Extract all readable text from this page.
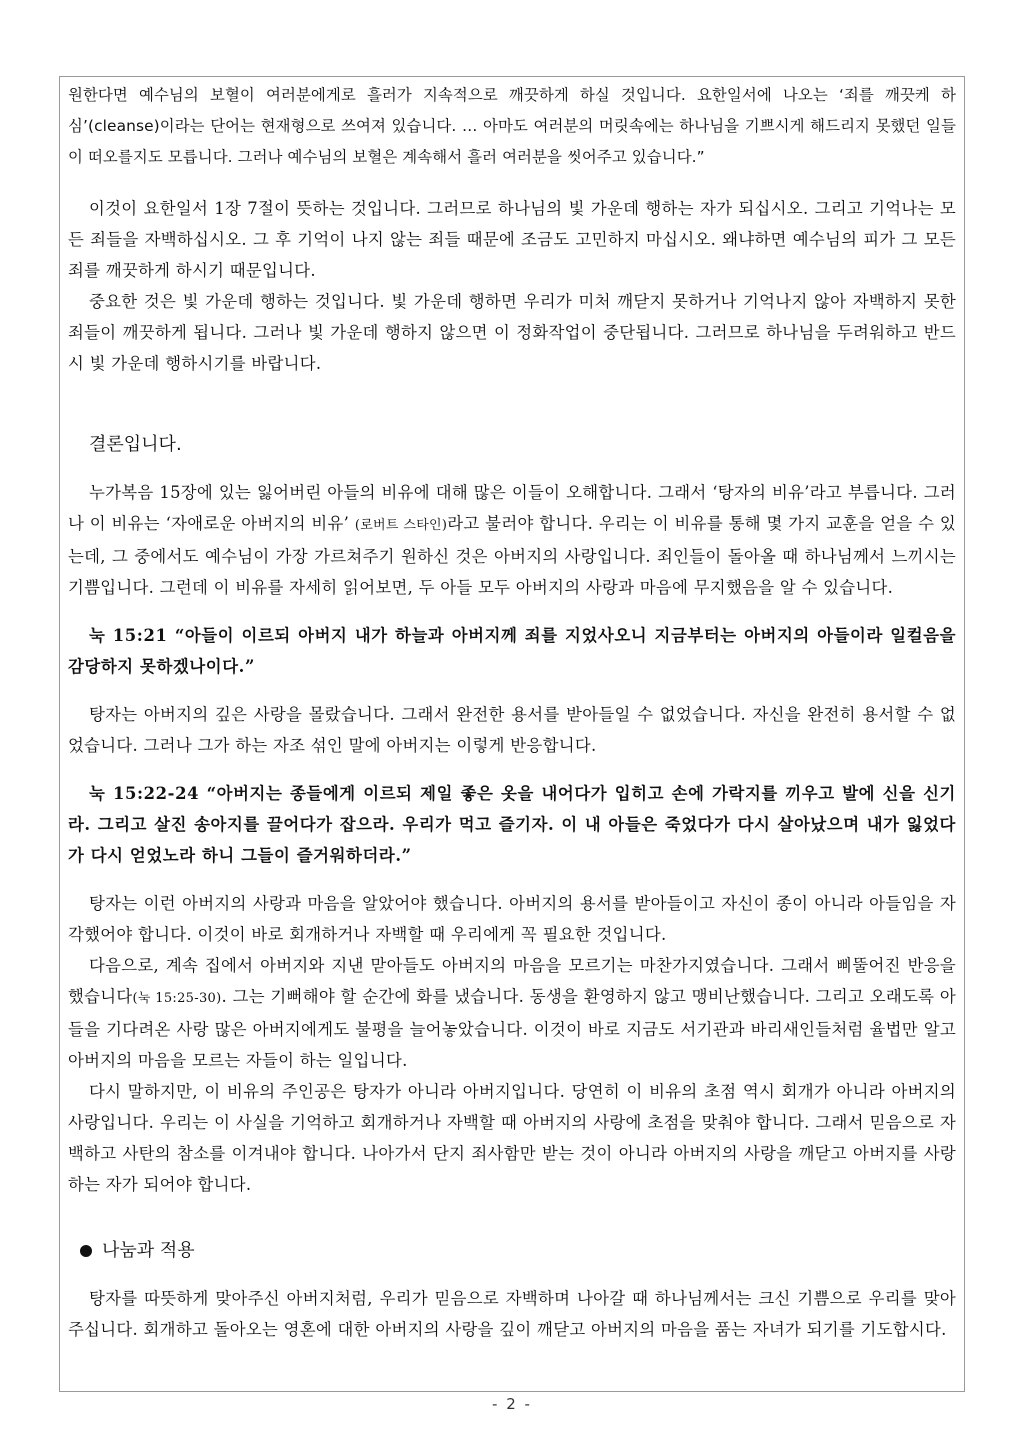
원한다면 예수님의 보혈이 여러분에게로 흘러가 지속적으로 깨끗하게 하실 것입니다. 요한일서에 나오는 ‘죄를 깨끗케 하심’(cleanse)이라는 단어는 현재형으로 쓰여져 있습니다. … 아마도 여러분의 머릿속에는 하나님을 기쁘시게 해드리지 못했던 일들이 떠오를지도 모릅니다. 그러나 예수님의 보혈은 계속해서 흘러 여러분을 씻어주고 있습니다.”

이것이 요한일서 1장 7절이 뜻하는 것입니다. 그러므로 하나님의 빛 가운데 행하는 자가 되십시오. 그리고 기억나는 모든 죄들을 자백하십시오. 그 후 기억이 나지 않는 죄들 때문에 조금도 고민하지 마십시오. 왜냐하면 예수님의 피가 그 모든 죄를 깨끗하게 하시기 때문입니다.

중요한 것은 빛 가운데 행하는 것입니다. 빛 가운데 행하면 우리가 미처 깨닫지 못하거나 기억나지 않아 자백하지 못한 죄들이 깨끗하게 됩니다. 그러나 빛 가운데 행하지 않으면 이 정화작업이 중단됩니다. 그러므로 하나님을 두려워하고 반드시 빛 가운데 행하시기를 바랍니다.

결론입니다.

누가복음 15장에 있는 잃어버린 아들의 비유에 대해 많은 이들이 오해합니다. 그래서 ‘탕자의 비유’라고 부릅니다. 그러나 이 비유는 ‘자애로운 아버지의 비유’ (로버트 스타인)라고 불러야 합니다. 우리는 이 비유를 통해 몇 가지 교훈을 얻을 수 있는데, 그 중에서도 예수님이 가장 가르쳐주기 원하신 것은 아버지의 사랑입니다. 죄인들이 돌아올 때 하나님께서 느끼시는 기쁨입니다. 그런데 이 비유를 자세히 읽어보면, 두 아들 모두 아버지의 사랑과 마음에 무지했음을 알 수 있습니다.

눅 15:21 “아들이 이르되 아버지 내가 하늘과 아버지께 죄를 지었사오니 지금부터는 아버지의 아들이라 일컬음을 감당하지 못하겠나이다.”

탕자는 아버지의 깊은 사랑을 몰랐습니다. 그래서 완전한 용서를 받아들일 수 없었습니다. 자신을 완전히 용서할 수 없었습니다. 그러나 그가 하는 자조 섞인 말에 아버지는 이렇게 반응합니다.

눅 15:22-24 “아버지는 종들에게 이르되 제일 좋은 옷을 내어다가 입히고 손에 가락지를 끼우고 발에 신을 신기라. 그리고 살진 송아지를 끌어다가 잡으라. 우리가 먹고 즐기자. 이 내 아들은 죽었다가 다시 살아났으며 내가 잃었다가 다시 얻었노라 하니 그들이 즐거워하더라.”

탕자는 이런 아버지의 사랑과 마음을 알았어야 했습니다. 아버지의 용서를 받아들이고 자신이 종이 아니라 아들임을 자각했어야 합니다. 이것이 바로 회개하거나 자백할 때 우리에게 꼭 필요한 것입니다.

다음으로, 계속 집에서 아버지와 지낸 맏아들도 아버지의 마음을 모르기는 마찬가지였습니다. 그래서 삐뚤어진 반응을 했습니다(눅 15:25-30). 그는 기뻐해야 할 순간에 화를 냈습니다. 동생을 환영하지 않고 맹비난했습니다. 그리고 오래도록 아들을 기다려온 사랑 많은 아버지에게도 불평을 늘어놓았습니다. 이것이 바로 지금도 서기관과 바리새인들처럼 율법만 알고 아버지의 마음을 모르는 자들이 하는 일입니다.

다시 말하지만, 이 비유의 주인공은 탕자가 아니라 아버지입니다. 당연히 이 비유의 초점 역시 회개가 아니라 아버지의 사랑입니다. 우리는 이 사실을 기억하고 회개하거나 자백할 때 아버지의 사랑에 초점을 맞춰야 합니다. 그래서 믿음으로 자백하고 사탄의 참소를 이겨내야 합니다. 나아가서 단지 죄사함만 받는 것이 아니라 아버지의 사랑을 깨닫고 아버지를 사랑하는 자가 되어야 합니다.

나눔과 적용

탕자를 따뜻하게 맞아주신 아버지처럼, 우리가 믿음으로 자백하며 나아갈 때 하나님께서는 크신 기쁨으로 우리를 맞아주십니다. 회개하고 돌아오는 영혼에 대한 아버지의 사랑을 깊이 깨닫고 아버지의 마음을 품는 자녀가 되기를 기도합시다.

- 2 -
